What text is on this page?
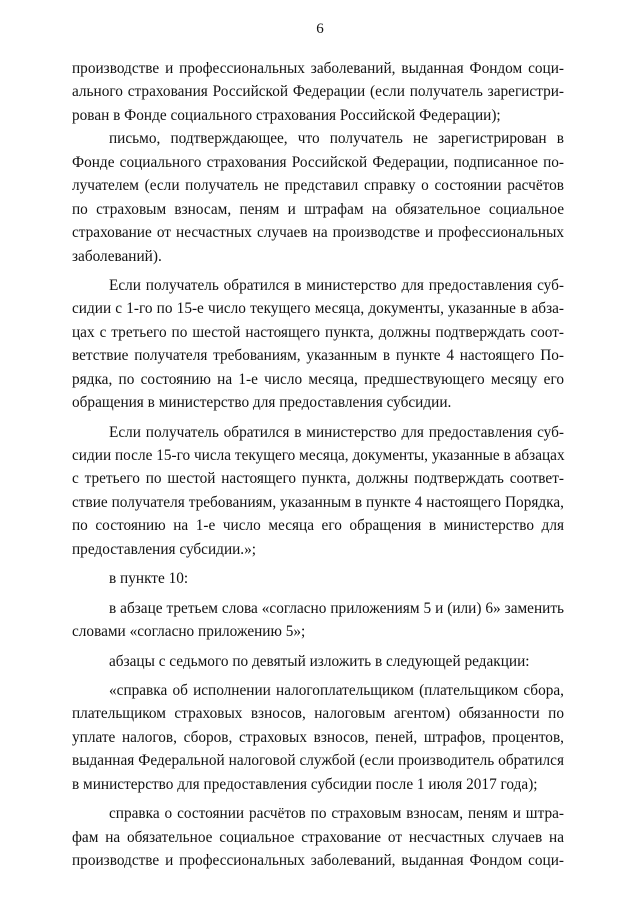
6
производстве и профессиональных заболеваний, выданная Фондом соци-
ального страхования Российской Федерации (если получатель зарегистри-
рован в Фонде социального страхования Российской Федерации);
письмо, подтверждающее, что получатель не зарегистрирован в
Фонде социального страхования Российской Федерации, подписанное по-
лучателем (если получатель не представил справку о состоянии расчётов
по страховым взносам, пеням и штрафам на обязательное социальное
страхование от несчастных случаев на производстве и профессиональных
заболеваний).
Если получатель обратился в министерство для предоставления суб-
сидии с 1-го по 15-е число текущего месяца, документы, указанные в абза-
цах с третьего по шестой настоящего пункта, должны подтверждать соот-
ветствие получателя требованиям, указанным в пункте 4 настоящего По-
рядка, по состоянию на 1-е число месяца, предшествующего месяцу его
обращения в министерство для предоставления субсидии.
Если получатель обратился в министерство для предоставления суб-
сидии после 15-го числа текущего месяца, документы, указанные в абзацах
с третьего по шестой настоящего пункта, должны подтверждать соответ-
ствие получателя требованиям, указанным в пункте 4 настоящего Порядка,
по состоянию на 1-е число месяца его обращения в министерство для
предоставления субсидии.»;
в пункте 10:
в абзаце третьем слова «согласно приложениям 5 и (или) 6» заменить
словами «согласно приложению 5»;
абзацы с седьмого по девятый изложить в следующей редакции:
«справка об исполнении налогоплательщиком (плательщиком сбора,
плательщиком страховых взносов, налоговым агентом) обязанности по
уплате налогов, сборов, страховых взносов, пеней, штрафов, процентов,
выданная Федеральной налоговой службой (если производитель обратился
в министерство для предоставления субсидии после 1 июля 2017 года);
справка о состоянии расчётов по страховым взносам, пеням и штра-
фам на обязательное социальное страхование от несчастных случаев на
производстве и профессиональных заболеваний, выданная Фондом соци-
